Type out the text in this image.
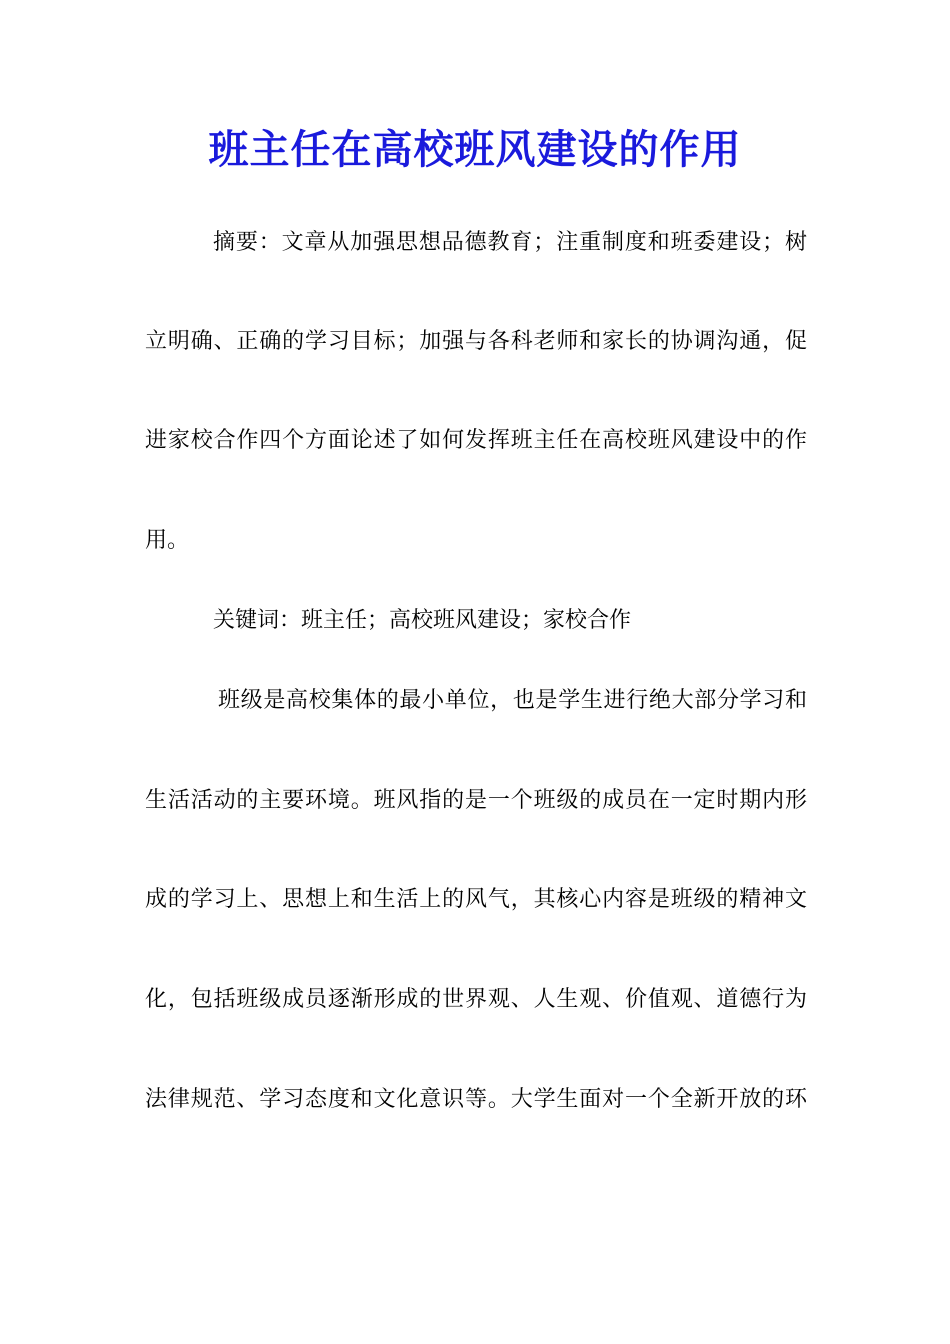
班主任在高校班风建设的作用

摘要：文章从加强思想品德教育；注重制度和班委建设；树

立明确、正确的学习目标；加强与各科老师和家长的协调沟通，促

进家校合作四个方面论述了如何发挥班主任在高校班风建设中的作

用。

关键词：班主任；高校班风建设；家校合作

班级是高校集体的最小单位，也是学生进行绝大部分学习和

生活活动的主要环境。班风指的是一个班级的成员在一定时期内形

成的学习上、思想上和生活上的风气，其核心内容是班级的精神文

化，包括班级成员逐渐形成的世界观、人生观、价值观、道德行为

法律规范、学习态度和文化意识等。大学生面对一个全新开放的环
